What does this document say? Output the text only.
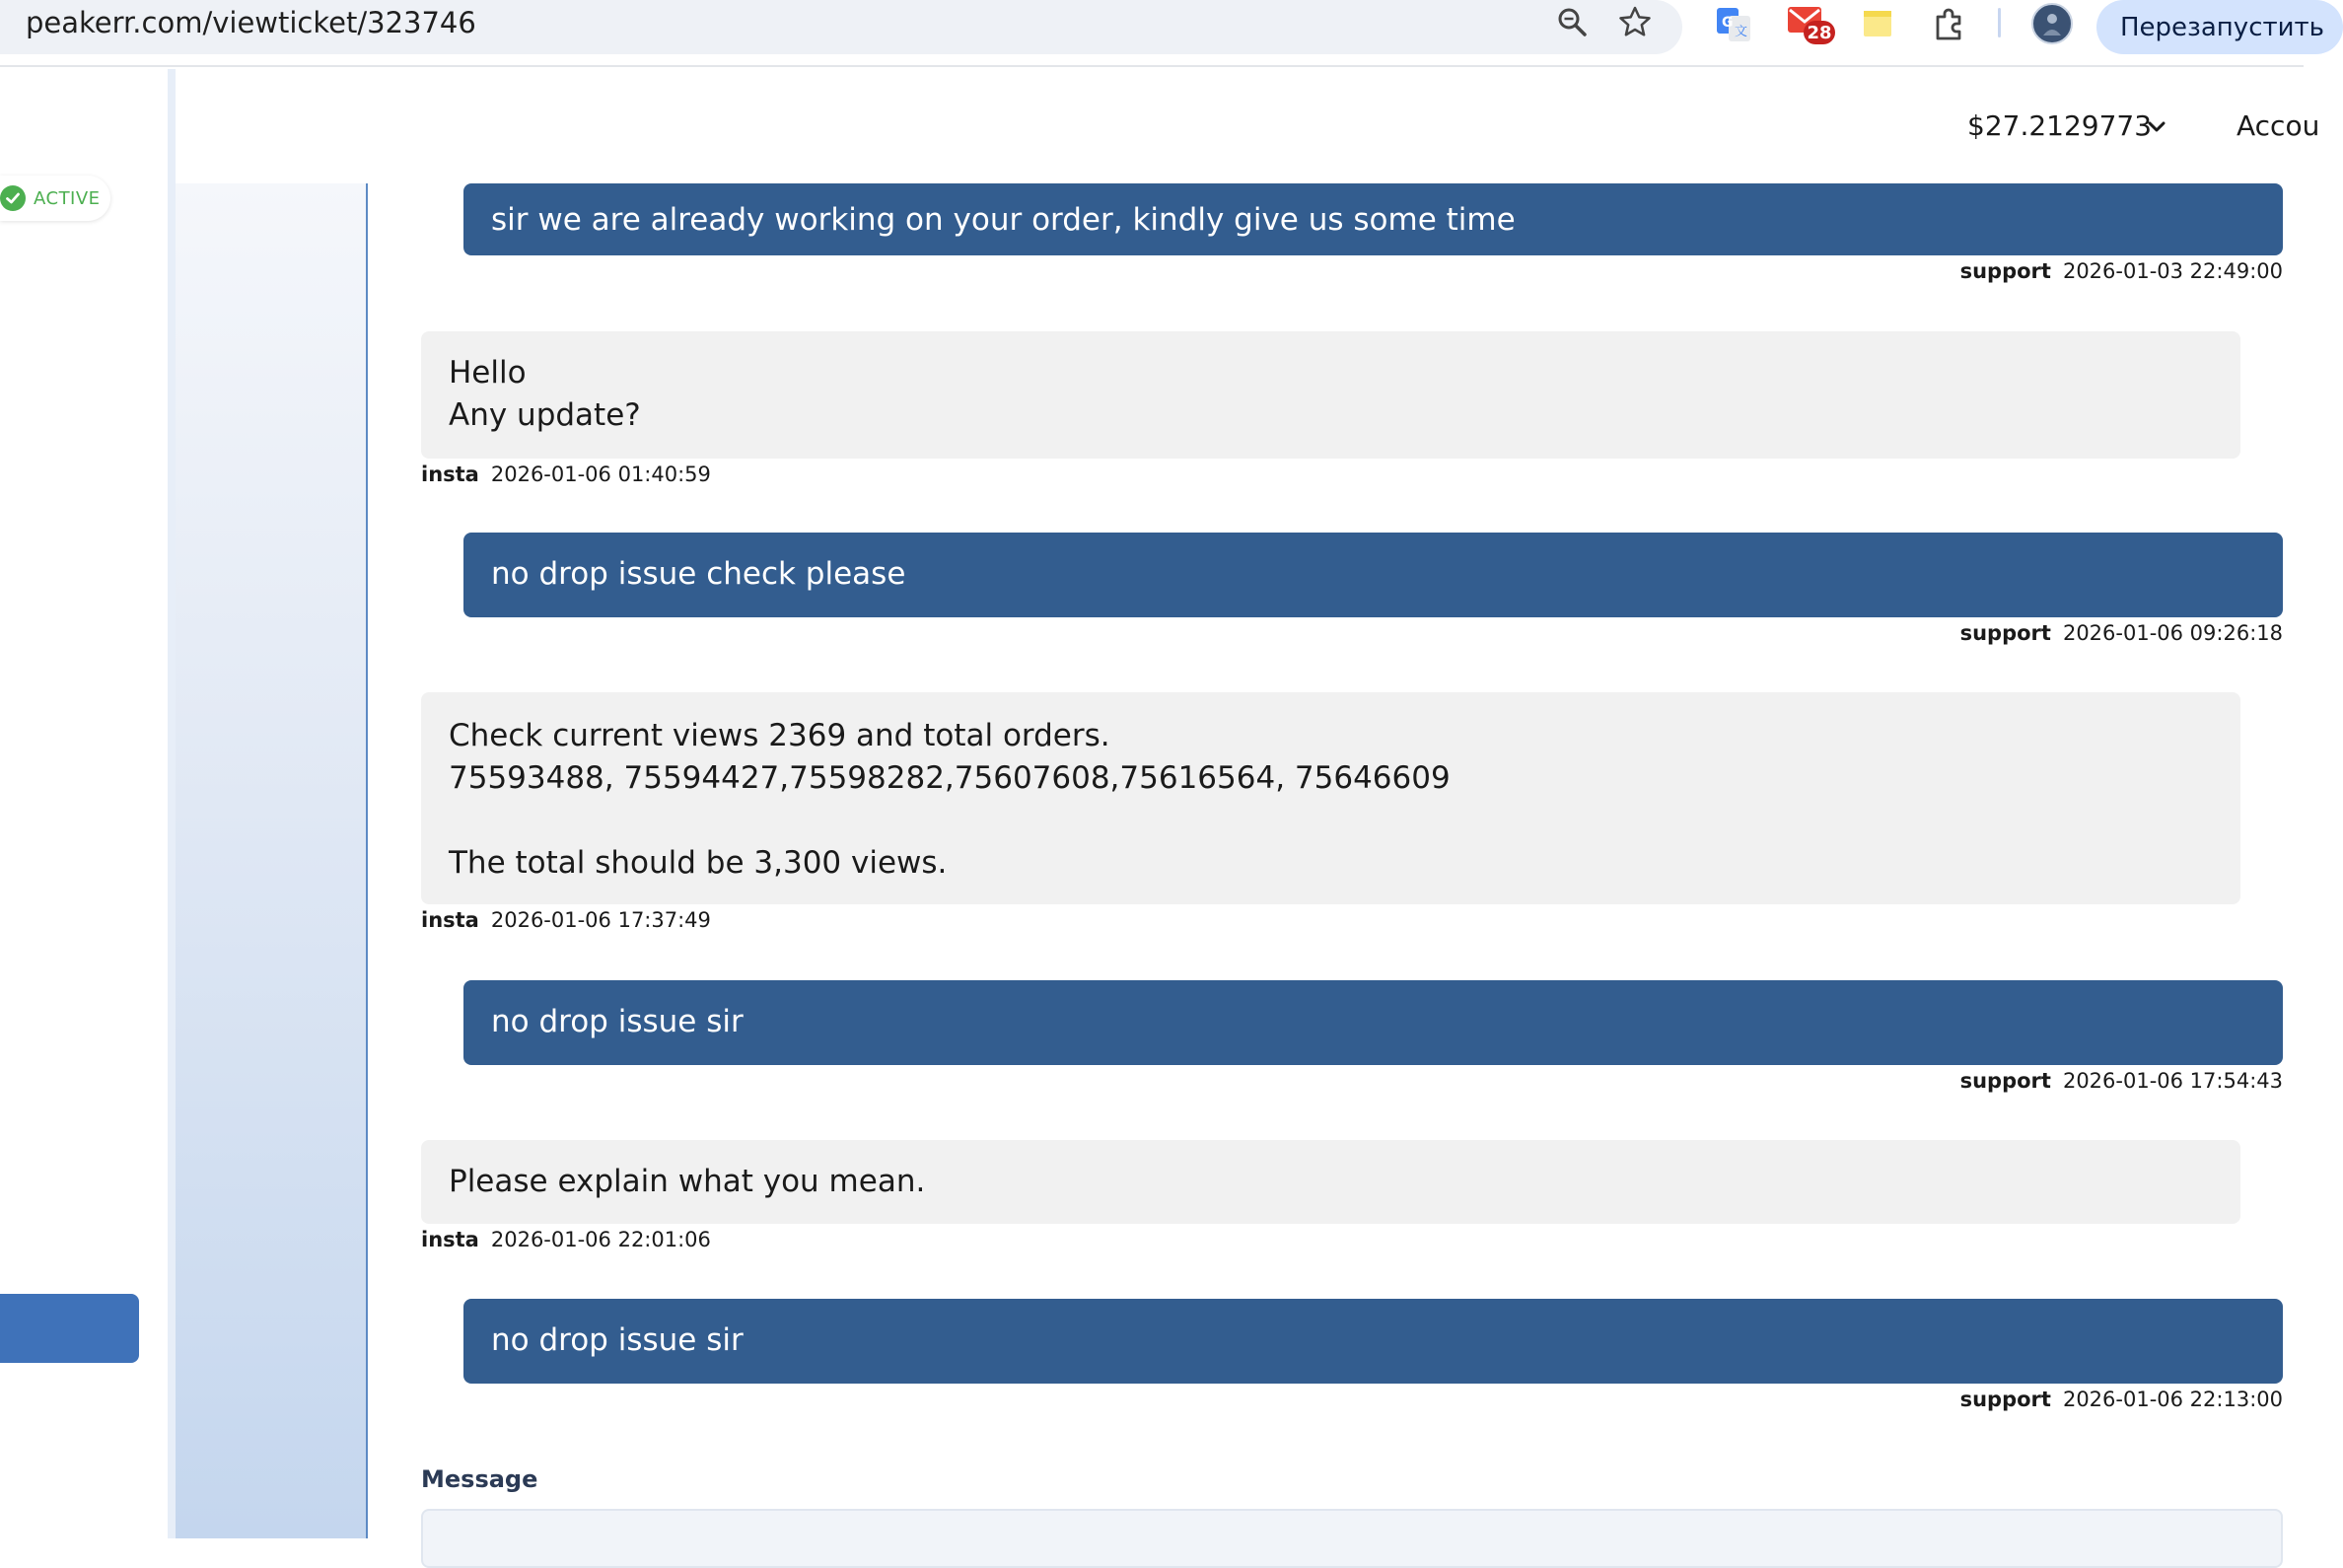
peakerr.com/viewticket/323746	G
文	28	Перезапустить
ACTIVE
$27.2129773	Accou
sir we are already working on your order, kindly give us some time
support 2026-01-03 22:49:00
Hello
Any update?
insta 2026-01-06 01:40:59
no drop issue check please
support 2026-01-06 09:26:18
Check current views 2369 and total orders.
75593488, 75594427,75598282,75607608,75616564, 75646609
The total should be 3,300 views.
insta 2026-01-06 17:37:49
no drop issue sir
support 2026-01-06 17:54:43
Please explain what you mean.
insta 2026-01-06 22:01:06
no drop issue sir
support 2026-01-06 22:13:00
Message
